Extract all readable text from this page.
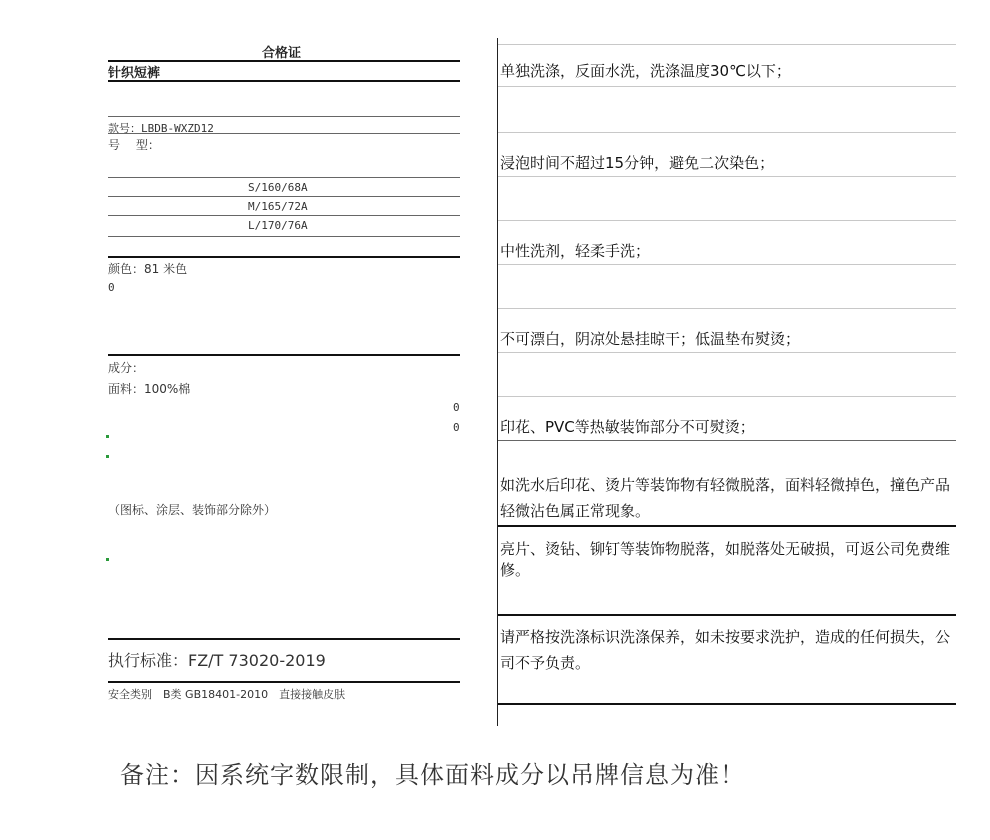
合格证
针织短裤
款号：LBDB-WXZD12
号　 型：
S/160/68A
M/165/72A
L/170/76A
颜色：81 米色
0
成分：
面料：100%棉
0
0
（图标、涂层、装饰部分除外）
执行标准：FZ/T 73020-2019
安全类别　B类 GB18401-2010　直接接触皮肤
单独洗涤，反面水洗，洗涤温度30℃以下；
浸泡时间不超过15分钟，避免二次染色；
中性洗剂，轻柔手洗；
不可漂白，阴凉处悬挂晾干；低温垫布熨烫；
印花、PVC等热敏装饰部分不可熨烫；
如洗水后印花、烫片等装饰物有轻微脱落，面料轻微掉色，撞色产品轻微沾色属正常现象。
亮片、烫钻、铆钉等装饰物脱落，如脱落处无破损，可返公司免费维修。
请严格按洗涤标识洗涤保养，如未按要求洗护，造成的任何损失，公司不予负责。
备注：因系统字数限制，具体面料成分以吊牌信息为准！
